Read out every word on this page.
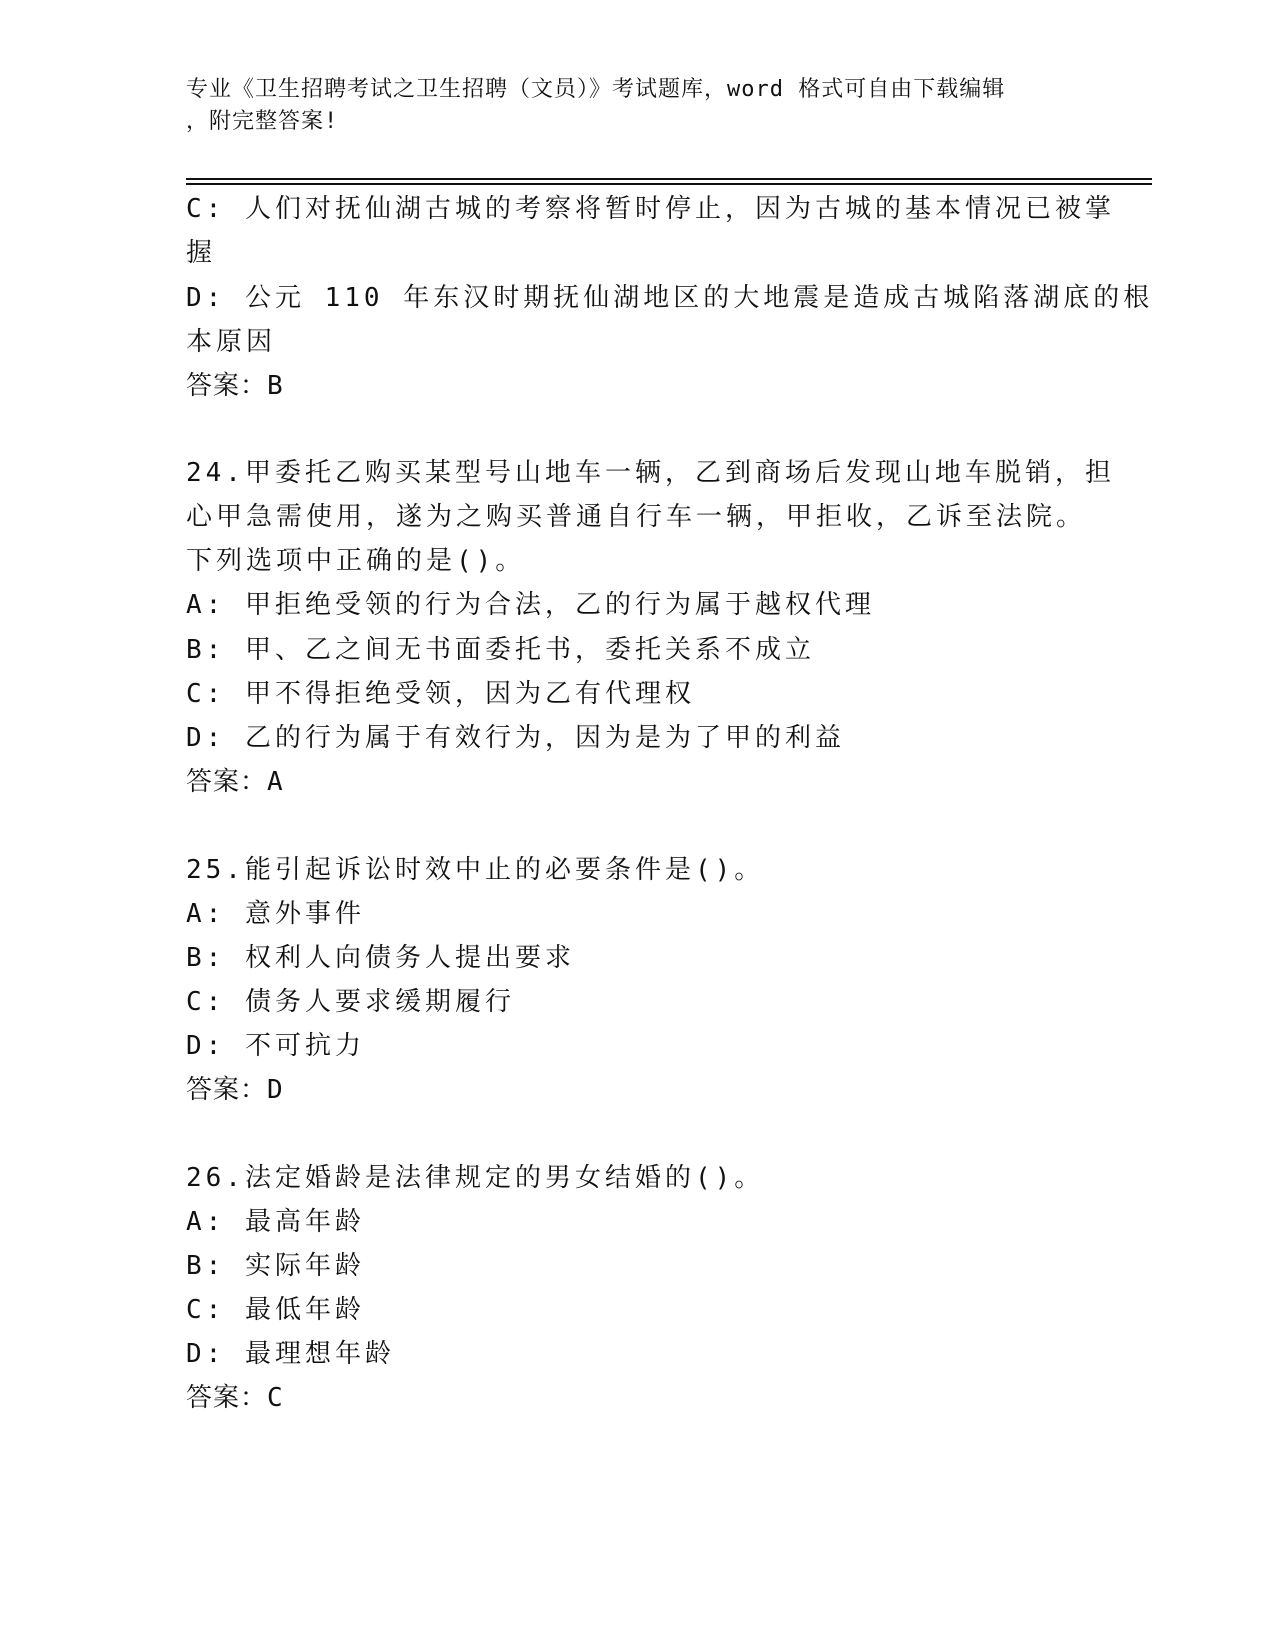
专业《卫生招聘考试之卫生招聘（文员）》考试题库，word 格式可自由下载编辑
，附完整答案!
C: 人们对抚仙湖古城的考察将暂时停止，因为古城的基本情况已被掌
握
D: 公元 110 年东汉时期抚仙湖地区的大地震是造成古城陷落湖底的根
本原因
答案：B
24.甲委托乙购买某型号山地车一辆，乙到商场后发现山地车脱销，担
心甲急需使用，遂为之购买普通自行车一辆，甲拒收，乙诉至法院。
下列选项中正确的是()。
A: 甲拒绝受领的行为合法，乙的行为属于越权代理
B: 甲、乙之间无书面委托书，委托关系不成立
C: 甲不得拒绝受领，因为乙有代理权
D: 乙的行为属于有效行为，因为是为了甲的利益
答案：A
25.能引起诉讼时效中止的必要条件是()。
A: 意外事件
B: 权利人向债务人提出要求
C: 债务人要求缓期履行
D: 不可抗力
答案：D
26.法定婚龄是法律规定的男女结婚的()。
A: 最高年龄
B: 实际年龄
C: 最低年龄
D: 最理想年龄
答案：C
